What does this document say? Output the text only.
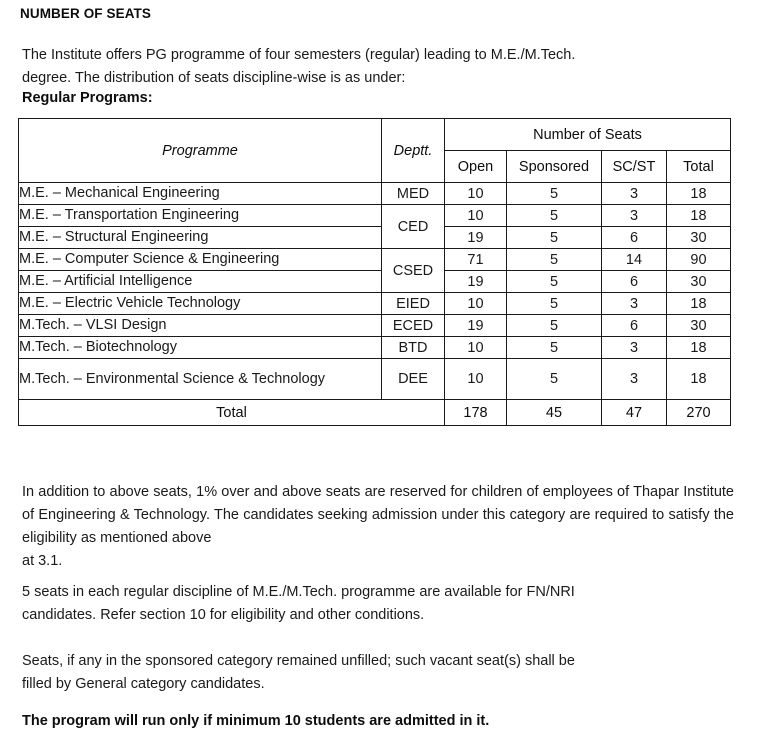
NUMBER OF SEATS
The Institute offers PG programme of four semesters (regular) leading to M.E./M.Tech.
degree. The distribution of seats discipline-wise is as under:
Regular Programs:
Programme	Deptt.	Number of Seats			
		Open	Sponsored	SC/ST	Total
M.E. – Mechanical Engineering	MED	10	5	3	18
M.E. – Transportation Engineering	CED	10	5	3	18
M.E. – Structural Engineering		19	5	6	30
M.E. – Computer Science & Engineering	CSED	71	5	14	90
M.E. – Artificial Intelligence		19	5	6	30
M.E. – Electric Vehicle Technology	EIED	10	5	3	18
M.Tech. – VLSI Design	ECED	19	5	6	30
M.Tech. – Biotechnology	BTD	10	5	3	18
M.Tech. – Environmental Science & Technology	DEE	10	5	3	18
Total		178	45	47	270
In addition to above seats, 1% over and above seats are reserved for children of employees of Thapar Institute of Engineering & Technology. The candidates seeking admission under this category are required to satisfy the eligibility as mentioned above
at 3.1.
5 seats in each regular discipline of M.E./M.Tech. programme are available for FN/NRI
candidates. Refer section 10 for eligibility and other conditions.
Seats, if any in the sponsored category remained unfilled; such vacant seat(s) shall be
filled by General category candidates.
The program will run only if minimum 10 students are admitted in it.
